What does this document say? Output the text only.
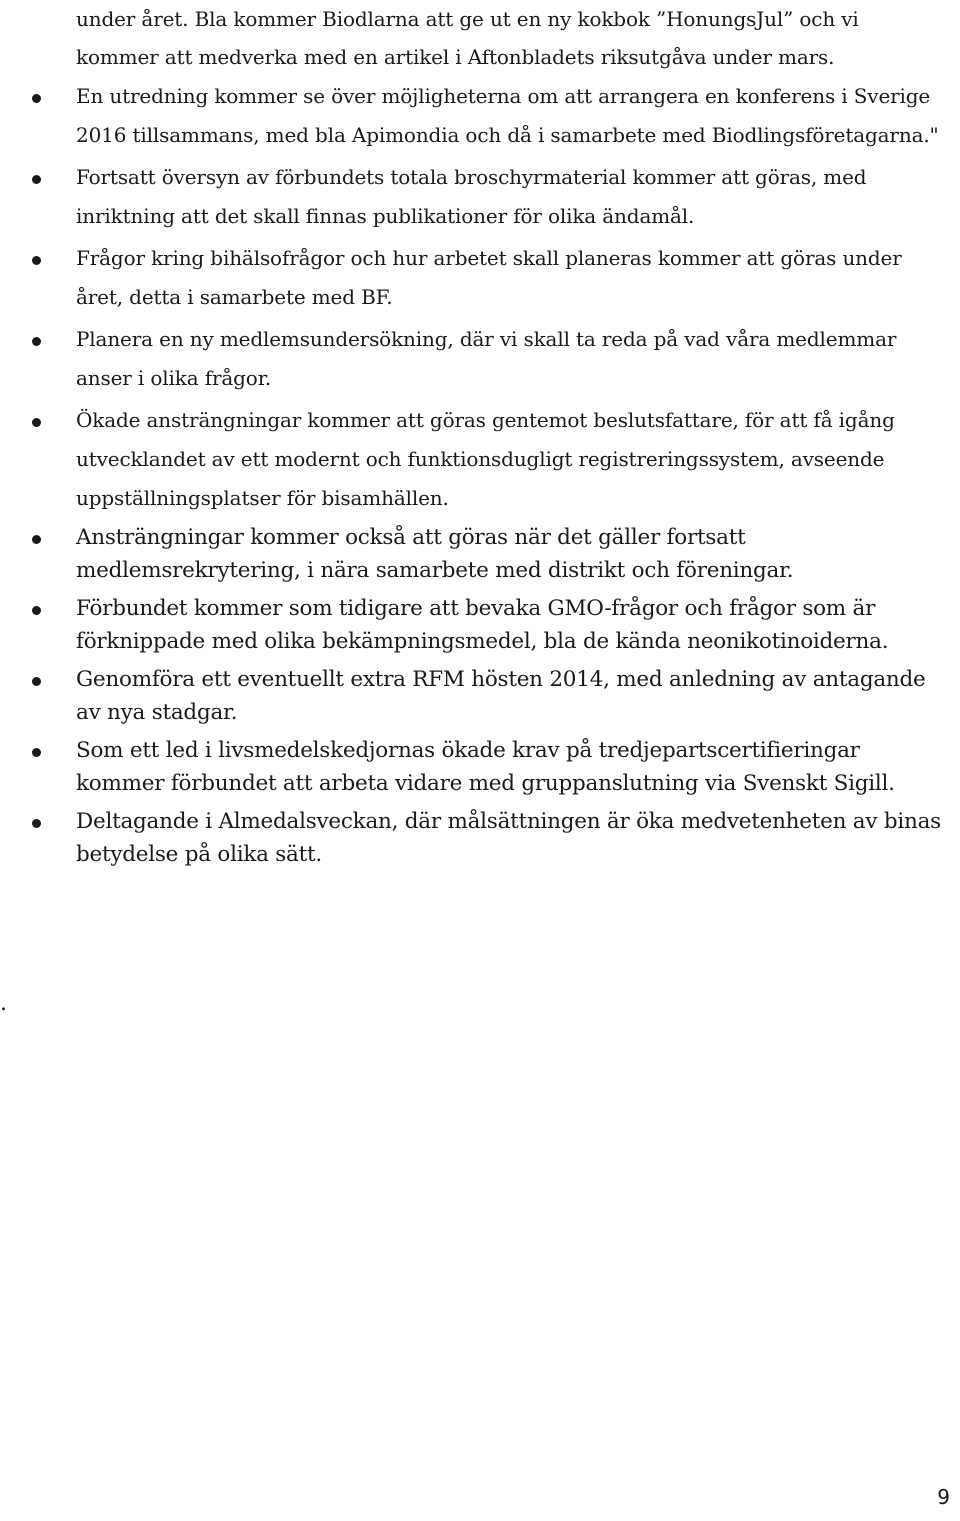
under året. Bla kommer Biodlarna att ge ut en ny kokbok ”HonungsJul” och vi kommer att medverka med en artikel i Aftonbladets riksutgåva under mars.

En utredning kommer se över möjligheterna om att arrangera en konferens i Sverige 2016 tillsammans, med bla Apimondia och då i samarbete med Biodlingsföretagarna."
Fortsatt översyn av förbundets totala broschyrmaterial kommer att göras, med inriktning att det skall finnas publikationer för olika ändamål.
Frågor kring bihälsofrågor och hur arbetet skall planeras kommer att göras under året, detta i samarbete med BF.
Planera en ny medlemsundersökning, där vi skall ta reda på vad våra medlemmar anser i olika frågor.
Ökade ansträngningar kommer att göras gentemot beslutsfattare, för att få igång utvecklandet av ett modernt och funktionsdugligt registreringssystem, avseende uppställningsplatser för bisamhällen.
Ansträngningar kommer också att göras när det gäller fortsatt medlemsrekrytering, i nära samarbete med distrikt och föreningar.
Förbundet kommer som tidigare att bevaka GMO-frågor och frågor som är förknippade med olika bekämpningsmedel, bla de kända neonikotinoiderna.
Genomföra ett eventuellt extra RFM hösten 2014, med anledning av antagande av nya stadgar.
Som ett led i livsmedelskedjornas ökade krav på tredjepartscertifieringar kommer förbundet att arbeta vidare med gruppanslutning via Svenskt Sigill.
Deltagande i Almedalsveckan, där målsättningen är öka medvetenheten av binas betydelse på olika sätt.
.
9
